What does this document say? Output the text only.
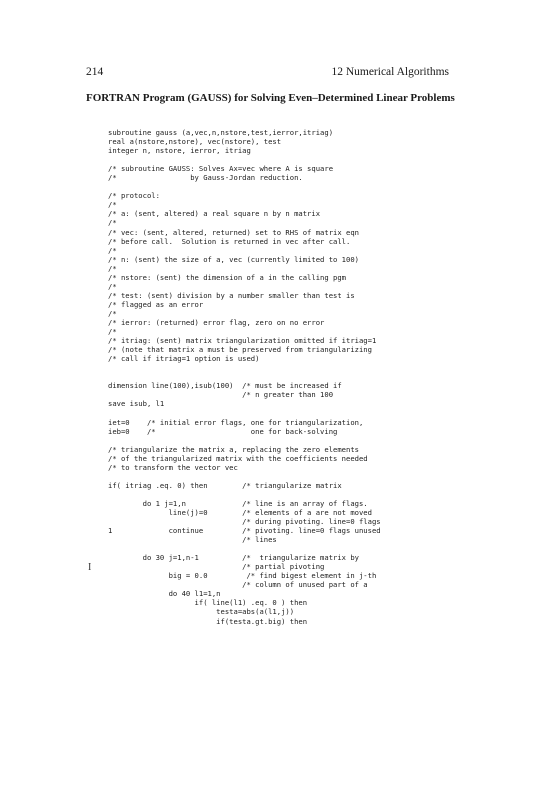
214	12 Numerical Algorithms
FORTRAN Program (GAUSS) for Solving Even–Determined Linear Problems
subroutine gauss (a,vec,n,nstore,test,ierror,itriag)
real a(nstore,nstore), vec(nstore), test
integer n, nstore, ierror, itriag

/* subroutine GAUSS: Solves Ax=vec where A is square
/*                 by Gauss-Jordan reduction.

/* protocol:
/*
/* a: (sent, altered) a real square n by n matrix
/*
/* vec: (sent, altered, returned) set to RHS of matrix eqn
/* before call.  Solution is returned in vec after call.
/*
/* n: (sent) the size of a, vec (currently limited to 100)
/*
/* nstore: (sent) the dimension of a in the calling pgm
/*
/* test: (sent) division by a number smaller than test is
/* flagged as an error
/*
/* ierror: (returned) error flag, zero on no error
/*
/* itriag: (sent) matrix triangularization omitted if itriag=1
/* (note that matrix a must be preserved from triangularizing
/* call if itriag=1 option is used)

dimension line(100),isub(100)  /* must be increased if
/* n greater than 100
save isub, l1

iet=0    /* initial error flags, one for triangularization,
ieb=0    /*                      one for back-solving

/* triangularize the matrix a, replacing the zero elements
/* of the triangularized matrix with the coefficients needed
/* to transform the vector vec

if( itriag .eq. 0) then        /* triangularize matrix

do 1 j=1,n             /* line is an array of flags.
line(j)=0        /* elements of a are not moved
/* during pivoting. line=0 flags
1             continue         /* pivoting. line=0 flags unused
/* lines

do 30 j=1,n-1          /*  triangularize matrix by
/* partial pivoting
big = 0.0         /* find bigest element in j-th
/* column of unused part of a
do 40 l1=1,n
if( line(l1) .eq. 0 ) then
testa=abs(a(l1,j))
if(testa.gt.big) then
I
